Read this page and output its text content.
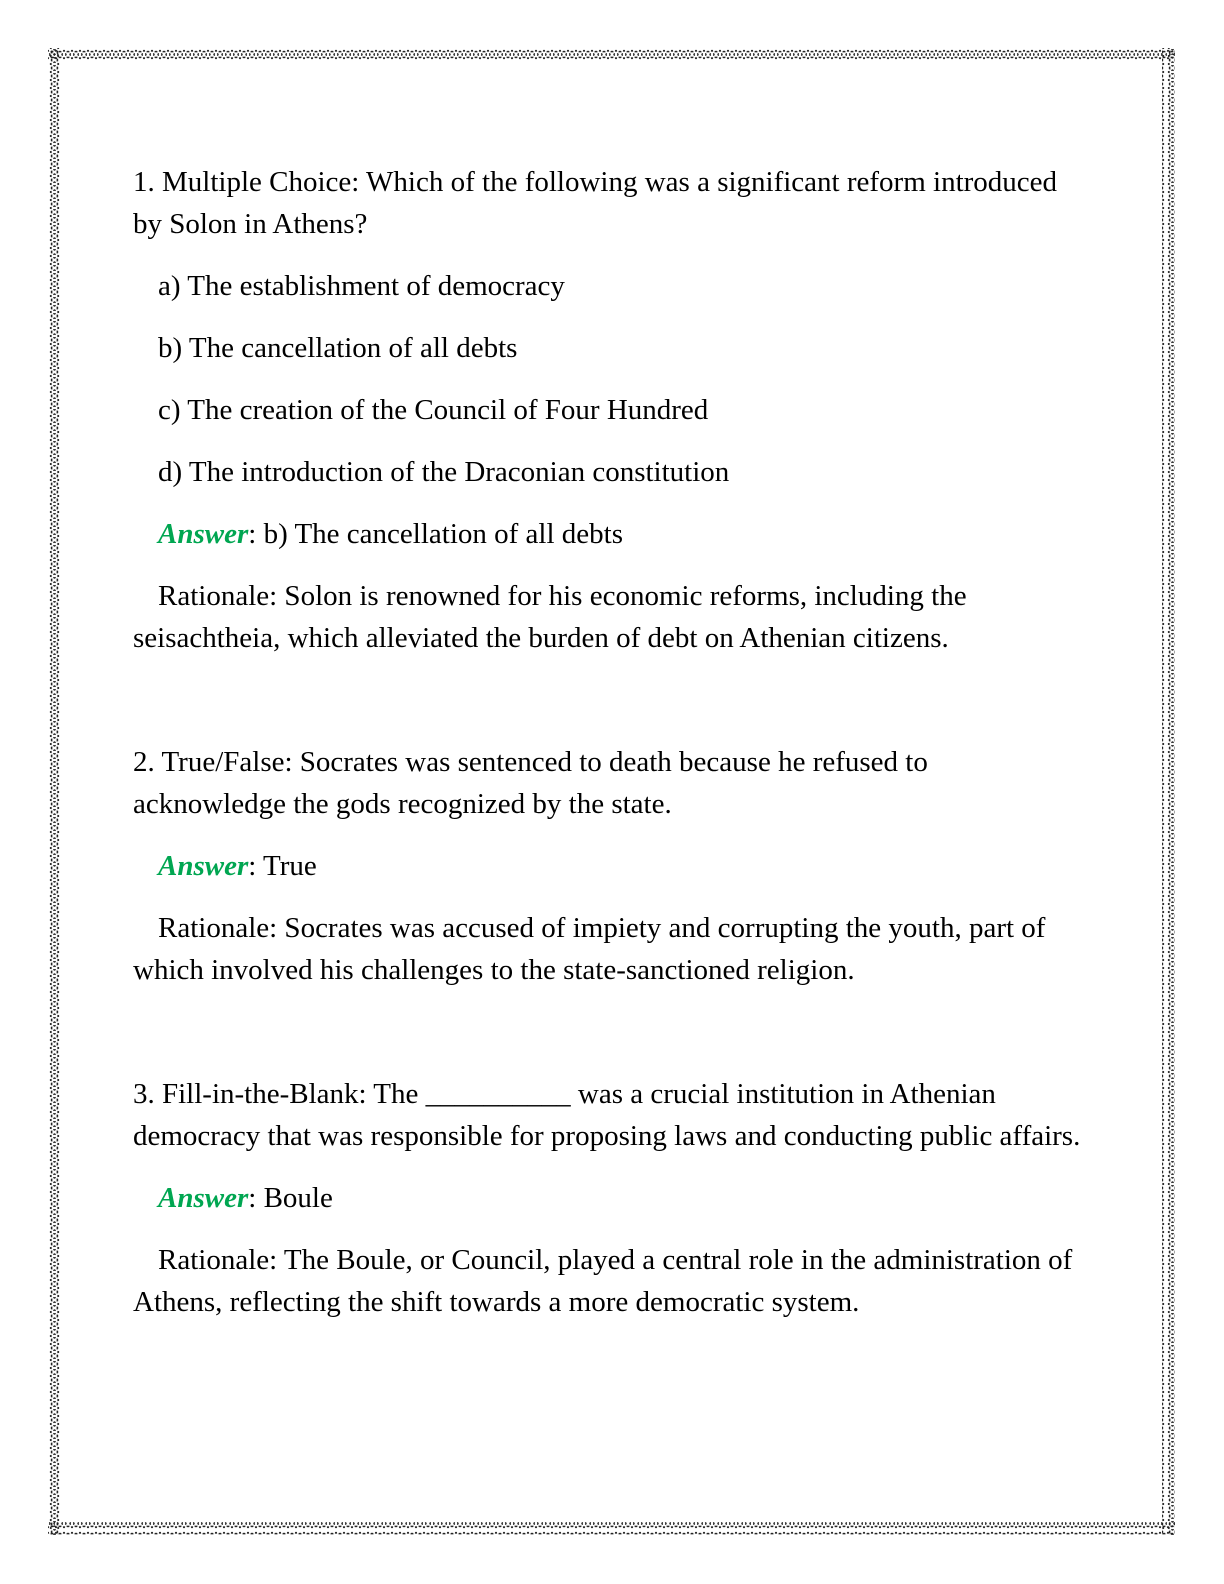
1. Multiple Choice: Which of the following was a significant reform introduced by Solon in Athens?

a) The establishment of democracy

b) The cancellation of all debts

c) The creation of the Council of Four Hundred

d) The introduction of the Draconian constitution

Answer: b) The cancellation of all debts

Rationale: Solon is renowned for his economic reforms, including the seisachtheia, which alleviated the burden of debt on Athenian citizens.

2. True/False: Socrates was sentenced to death because he refused to acknowledge the gods recognized by the state.

Answer: True

Rationale: Socrates was accused of impiety and corrupting the youth, part of which involved his challenges to the state-sanctioned religion.

3. Fill-in-the-Blank: The __________ was a crucial institution in Athenian democracy that was responsible for proposing laws and conducting public affairs.

Answer: Boule

Rationale: The Boule, or Council, played a central role in the administration of Athens, reflecting the shift towards a more democratic system.
